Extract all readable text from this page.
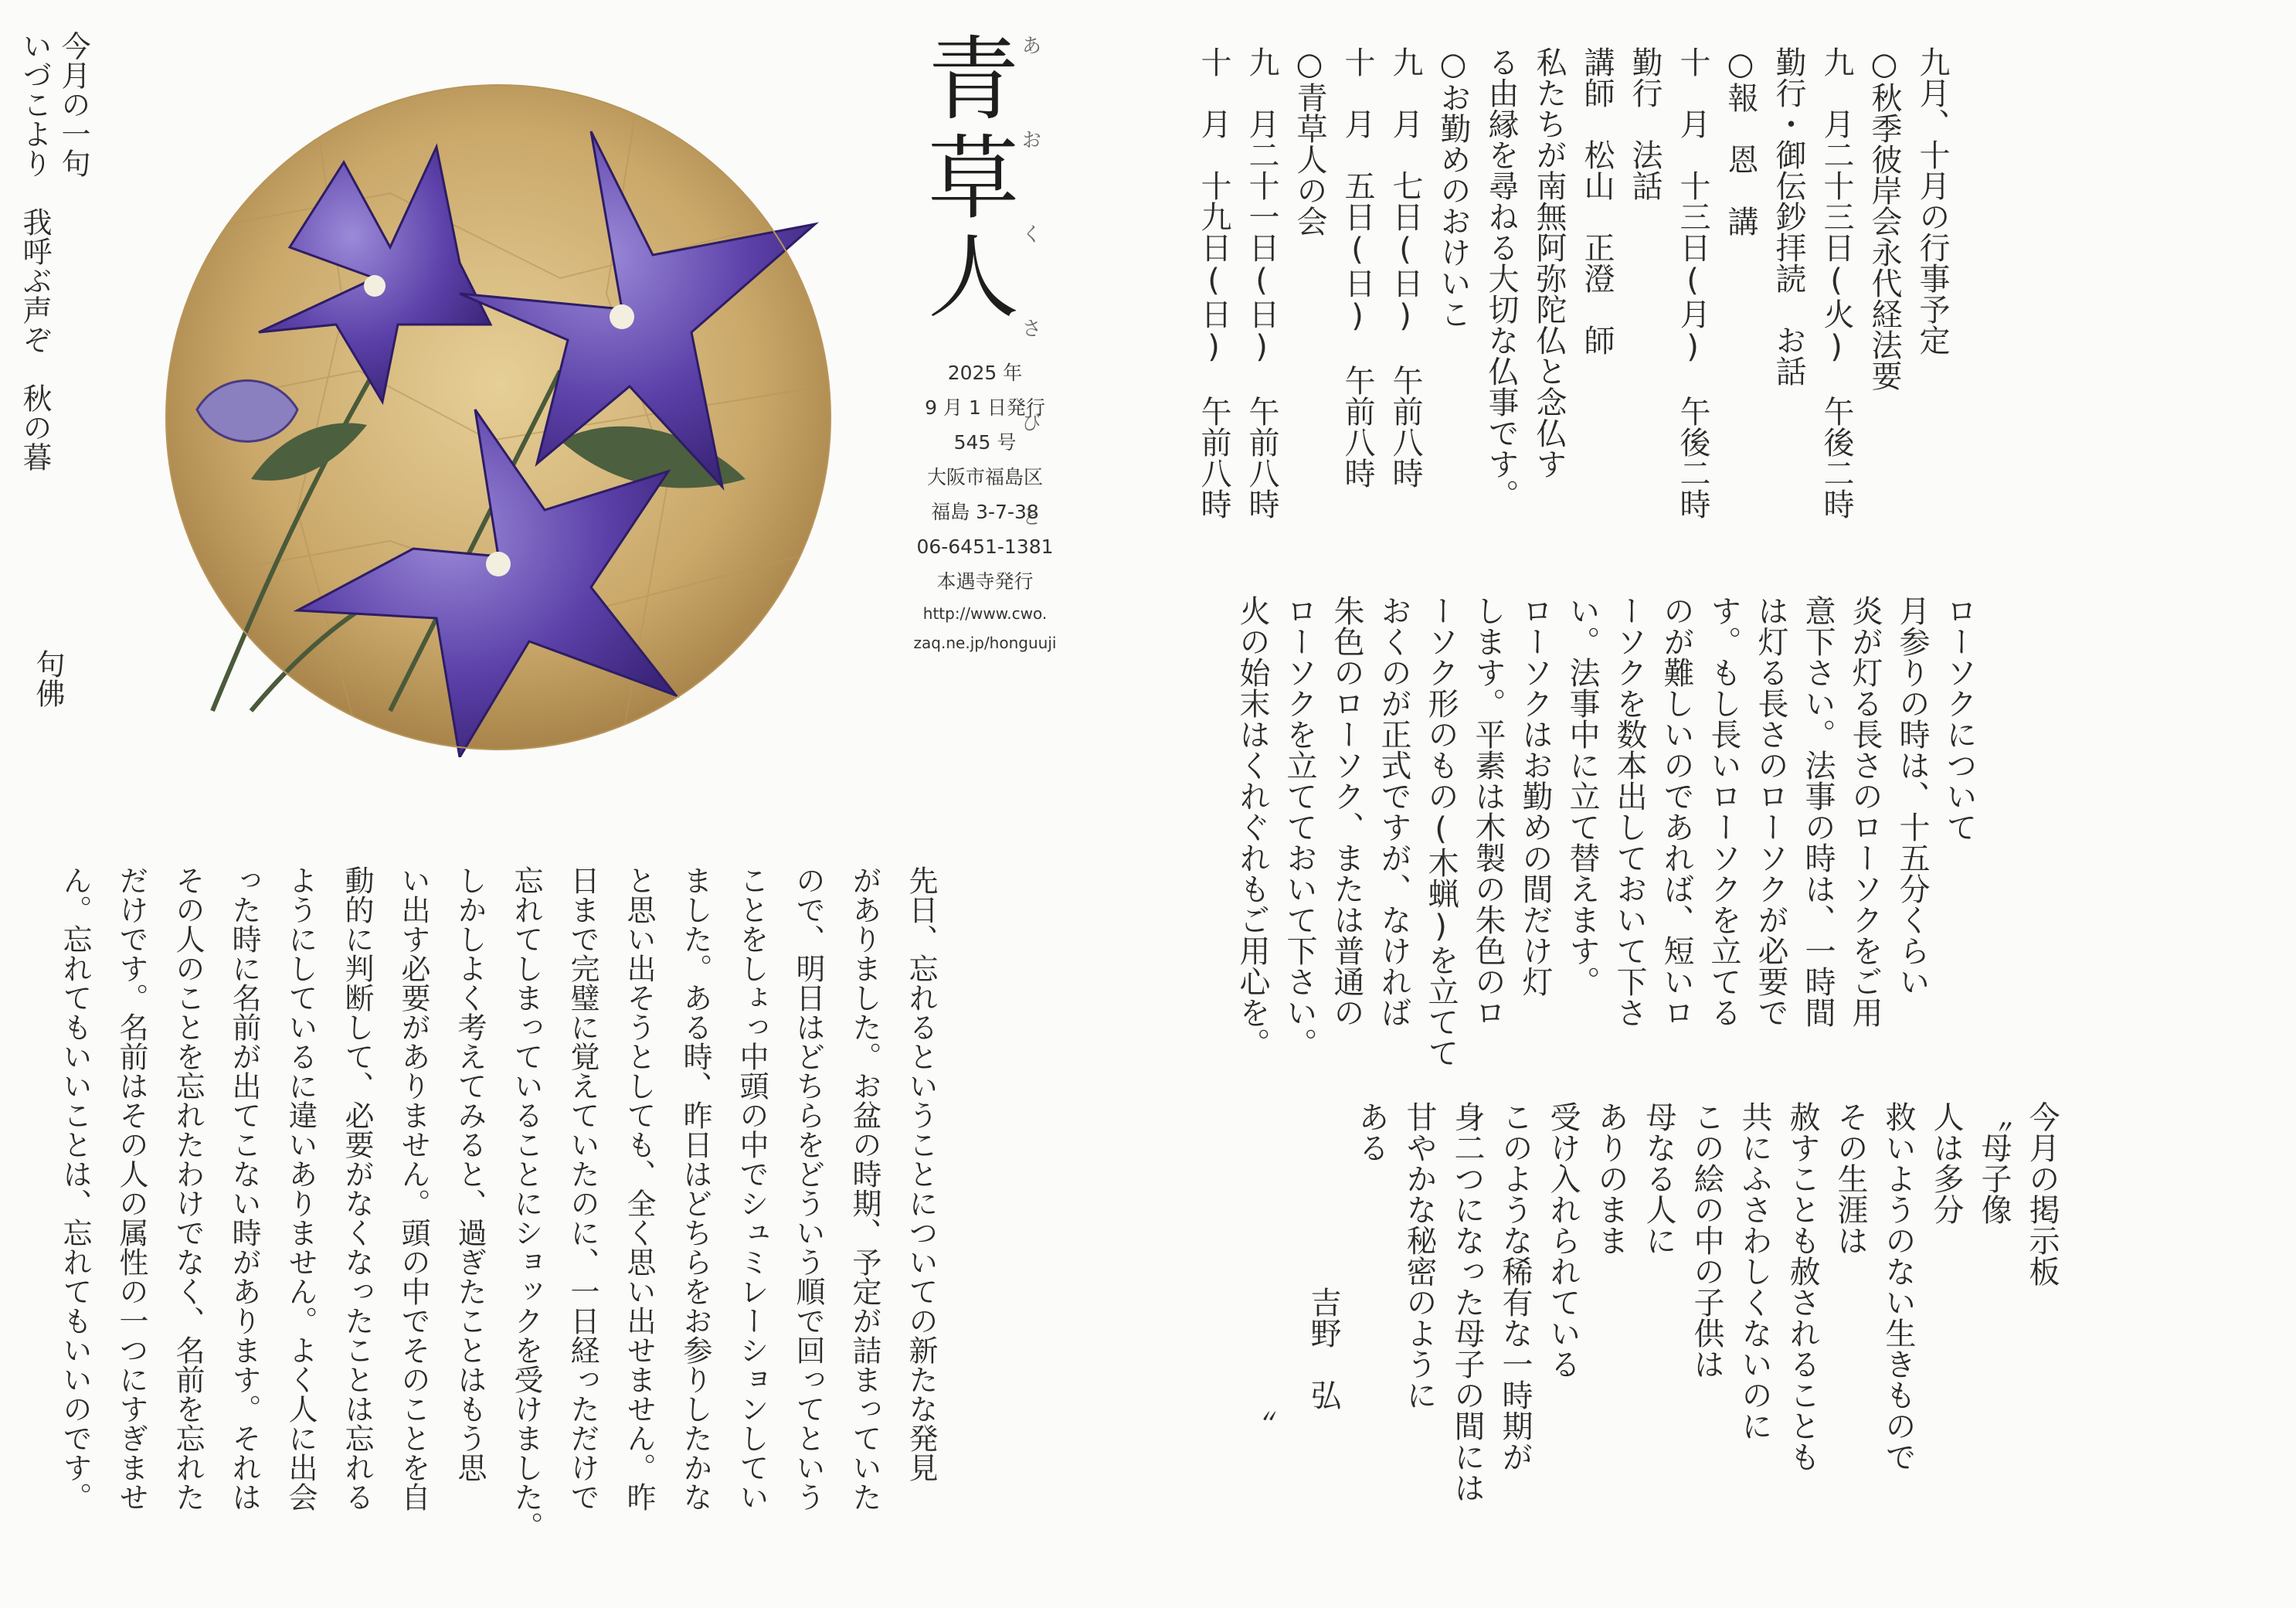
青草人 あおくさびと
2025 年
9 月 1 日発行
545 号
大阪市福島区
福島 3-7-38
06-6451-1381
本遇寺発行
http://www.cwo.
zaq.ne.jp/honguuji
今月の一句
いづこより　我呼ぶ声ぞ　秋の暮
句佛
九月、十月の行事予定
○秋季彼岸会永代経法要
九　月二十三日(火)　午後二時
勤行・御伝鈔拝読　お話
○報　恩　講
十　月　十三日(月)　午後二時
勤行　法話
講師　松山　正澄　師
私たちが南無阿弥陀仏と念仏す
る由縁を尋ねる大切な仏事です。
○お勤めのおけいこ
九　月　七日(日)　午前八時
十　月　五日(日)　午前八時
○青草人の会
九　月二十一日(日)　午前八時
十　月　十九日(日)　午前八時
ローソクについて
月参りの時は、十五分くらい
炎が灯る長さのローソクをご用
意下さい。法事の時は、一時間
は灯る長さのローソクが必要で
す。もし長いローソクを立てる
のが難しいのであれば、短いロ
ーソクを数本出しておいて下さ
い。法事中に立て替えます。
ローソクはお勤めの間だけ灯
します。平素は木製の朱色のロ
ーソク形のもの(木蝋)を立てて
おくのが正式ですが、なければ
朱色のローソク、または普通の
ローソクを立てておいて下さい。
火の始末はくれぐれもご用心を。
今月の掲示板
〝母子像
人は多分
救いようのない生きもので
その生涯は
赦すことも赦されることも
共にふさわしくないのに
この絵の中の子供は
母なる人に
ありのまま
受け入れられている
このような稀有な一時期が
身二つになった母子の間には
甘やかな秘密のように
ある
　　　　　　吉野　弘
　　　　　　　　　　〟
先日、忘れるということについての新たな発見
がありました。お盆の時期、予定が詰まっていた
ので、明日はどちらをどういう順で回ってという
ことをしょっ中頭の中でシュミレーションしてい
ました。ある時、昨日はどちらをお参りしたかな
と思い出そうとしても、全く思い出せません。昨
日まで完璧に覚えていたのに、一日経っただけで
忘れてしまっていることにショックを受けました。
しかしよく考えてみると、過ぎたことはもう思
い出す必要がありません。頭の中でそのことを自
動的に判断して、必要がなくなったことは忘れる
ようにしているに違いありません。よく人に出会
った時に名前が出てこない時があります。それは
その人のことを忘れたわけでなく、名前を忘れた
だけです。名前はその人の属性の一つにすぎませ
ん。忘れてもいいことは、忘れてもいいのです。
